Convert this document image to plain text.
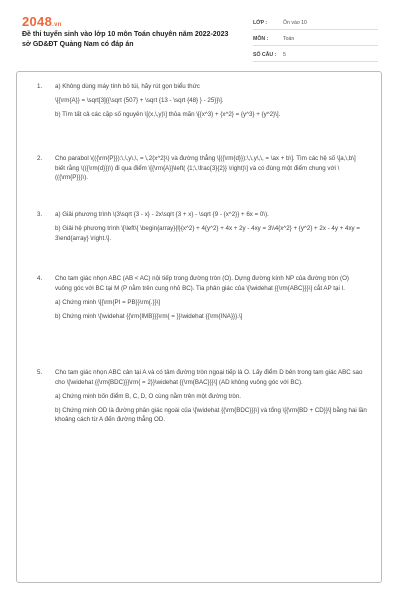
2048.vn
Đề thi tuyển sinh vào lớp 10 môn Toán chuyên năm 2022-2023 sở GD&ĐT Quảng Nam có đáp án
LỚP :	Ôn vào 10
MÔN :	Toán
SỐ CÂU :	5
1. a) Không dùng máy tính bỏ túi, hãy rút gọn biểu thức

\[{\rm{A}} = \sqrt[3]{{\sqrt {507} + \sqrt {13 - \sqrt {48} } - 25}}\].

b) Tìm tất cả các cặp số nguyên \[(x,\,y)\] thỏa mãn \[{x^3} + {x^2} = {y^3} + {y^2}\].

2. Cho parabol \(({\rm{P}}):\,\,y\,\, = \,2{x^2}\) và đường thẳng \[({\rm{d}}):\,\,y\,\, = \ax + b\]. Tìm các hệ số \[a,\,b\] biết rằng \(({\rm{d}})\) đi qua điểm \[{\rm{A}}\left( {1;\,\frac{3}{2}} \right)\] và có đúng một điểm chung với \(({\rm{P}})\).

3. a) Giải phương trình \(3\sqrt {3 - x} - 2x\sqrt {3 + x} - \sqrt {9 - {x^2}} + 6x = 0\).

b) Giải hệ phương trình \[\left\{ \begin{array}{l}{x^2} + 4{y^2} + 4x + 2y - 4xy = 3\\4{x^2} + {y^2} + 2x - 4y + 4xy = 3\end{array} \right.\].

4. Cho tam giác nhọn ABC (AB < AC) nội tiếp trong đường tròn (O). Dựng đường kính NP của đường tròn (O) vuông góc với BC tại M (P nằm trên cung nhỏ BC). Tia phân giác của \[\widehat {{\rm{ABC}}}\] cắt AP tại I.

a) Chứng minh \[{\rm{PI = PB}}\rm{.}}\]

b) Chứng minh \[\widehat {{\rm{IMB}}}\rm{ = }}\widehat {{\rm{INA}}}.\]

5. Cho tam giác nhọn ABC cân tại A và có tâm đường tròn ngoại tiếp là O. Lấy điểm D bên trong tam giác ABC sao cho \[\widehat {{\rm{BDC}}}\rm{ = 2}}\widehat {{\rm{BAC}}}\] (AD không vuông góc với BC).

a) Chứng minh bốn điểm B, C, D, O cùng nằm trên một đường tròn.

b) Chứng minh OD là đường phân giác ngoài của \[\widehat {{\rm{BDC}}}\] và tổng \[{\rm{BD + CD}}\] bằng hai lần khoảng cách từ A đến đường thẳng OD.
